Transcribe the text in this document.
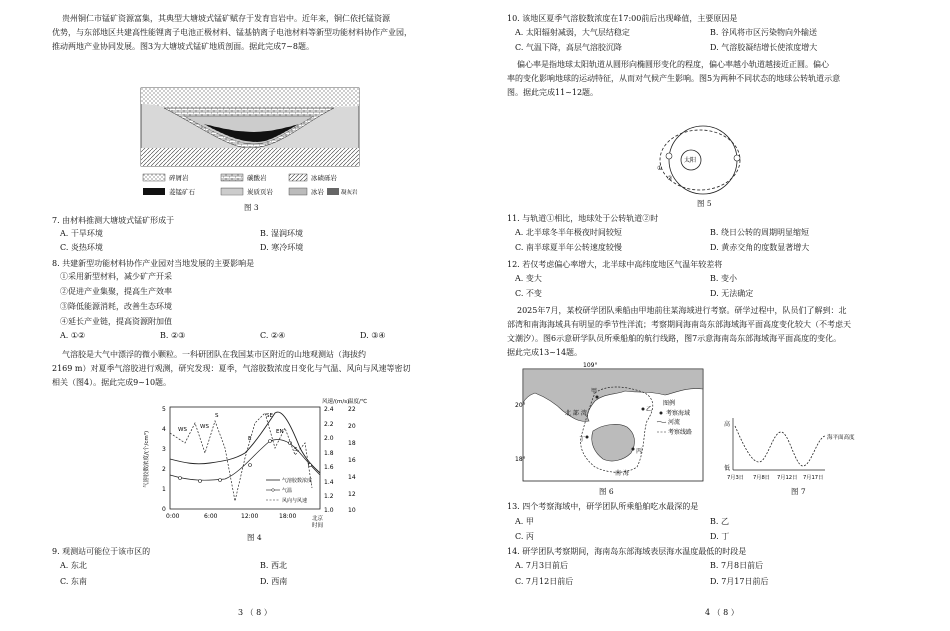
贵州铜仁市锰矿资源富集，其典型大塘坡式锰矿赋存于发育盲岩中。近年来，铜仁依托锰资源
优势，与东部地区共建高性能锂离子电池正极材料、锰基钠离子电池材料等新型功能材料协作产业园，
推动两地产业协同发展。图3为大塘坡式锰矿地质剖面。据此完成7~8题。
碎屑岩	碳酸岩	冰碛砾岩
菱锰矿石	炭质页岩	冰岩	凝灰岩
图 3
7. 由材料推测大塘坡式锰矿形成于
A. 干旱环境	B. 湿润环境
C. 炎热环境	D. 寒冷环境
8. 共建新型功能材料协作产业园对当地发展的主要影响是
①采用新型材料，减少矿产开采
②促进产业集聚，提高生产效率
③降低能源消耗，改善生态环境
④延长产业链，提高资源附加值
A. ①②	B. ②③	C. ②④	D. ③④
气溶胶是大气中漂浮的微小颗粒。一科研团队在我国某市区附近的山地观测站（海拔约
2169 m）对夏季气溶胶进行观测，研究发现：夏季，气溶胶数浓度日变化与气温、风向与风速等密切
相关（图4）。据此完成9~10题。
气溶胶数浓度/(个/cm³)
风速/(m/s)
温度/℃
5
4
3
2
1
0
2.4
2.2
2.0
1.8
1.6
1.4
1.2
1.0
22
20
18
16
14
12
10
0:00	6:00	12:00	18:00	北京
时间
WS WS
S
E
SE
EN
S
气溶胶数浓度
气温
风向与风速
图 4
9. 观测站可能位于该市区的
A. 东北	B. 西北
C. 东南	D. 西南
3 （ 8 ）
10. 该地区夏季气溶胶数浓度在17:00前后出现峰值，主要原因是
A. 太阳辐射减弱，大气层结稳定	B. 谷风将市区污染物向外输送
C. 气温下降，高层气溶胶沉降	D. 气溶胶凝结增长使浓度增大
偏心率是指地球太阳轨道从圆形向椭圆形变化的程度，偏心率越小轨道越接近正圆。偏心
率的变化影响地球的运动特征，从而对气候产生影响。图5为两种不同状态的地球公转轨道示意
图。据此完成11~12题。
太阳
①
②
图 5
11. 与轨道①相比，地球处于公转轨道②时
A. 北半球冬半年极夜时间较短	B. 绕日公转的周期明显缩短
C. 南半球夏半年公转速度较慢	D. 黄赤交角的度数显著增大
12. 若仅考虑偏心率增大，北半球中高纬度地区气温年较差将
A. 变大	B. 变小
C. 不变	D. 无法确定
2025年7月，某校研学团队乘船由甲地前往某海域进行考察。研学过程中，队员们了解到：北
部湾和南海海域具有明显的季节性洋流；考察期间海南岛东部海域海平面高度变化较大（不考虑天
文潮汐）。图6示意研学队员所乘船舶的航行线路，图7示意海南岛东部海域海平面高度的变化。
据此完成13~14题。
109°
20°
18°
北 部 湾
南 海
甲
乙
丙
丁
图例
考察海域
河流
考察线路
图 6
高
低
海平面高度
7月3日 7月8日 7月12日 7月17日
图 7
13. 四个考察海域中，研学团队所乘船舶吃水最深的是
A. 甲	B. 乙
C. 丙	D. 丁
14. 研学团队考察期间，海南岛东部海域表层海水温度最低的时段是
A. 7月3日前后	B. 7月8日前后
C. 7月12日前后	D. 7月17日前后
4 （ 8 ）
